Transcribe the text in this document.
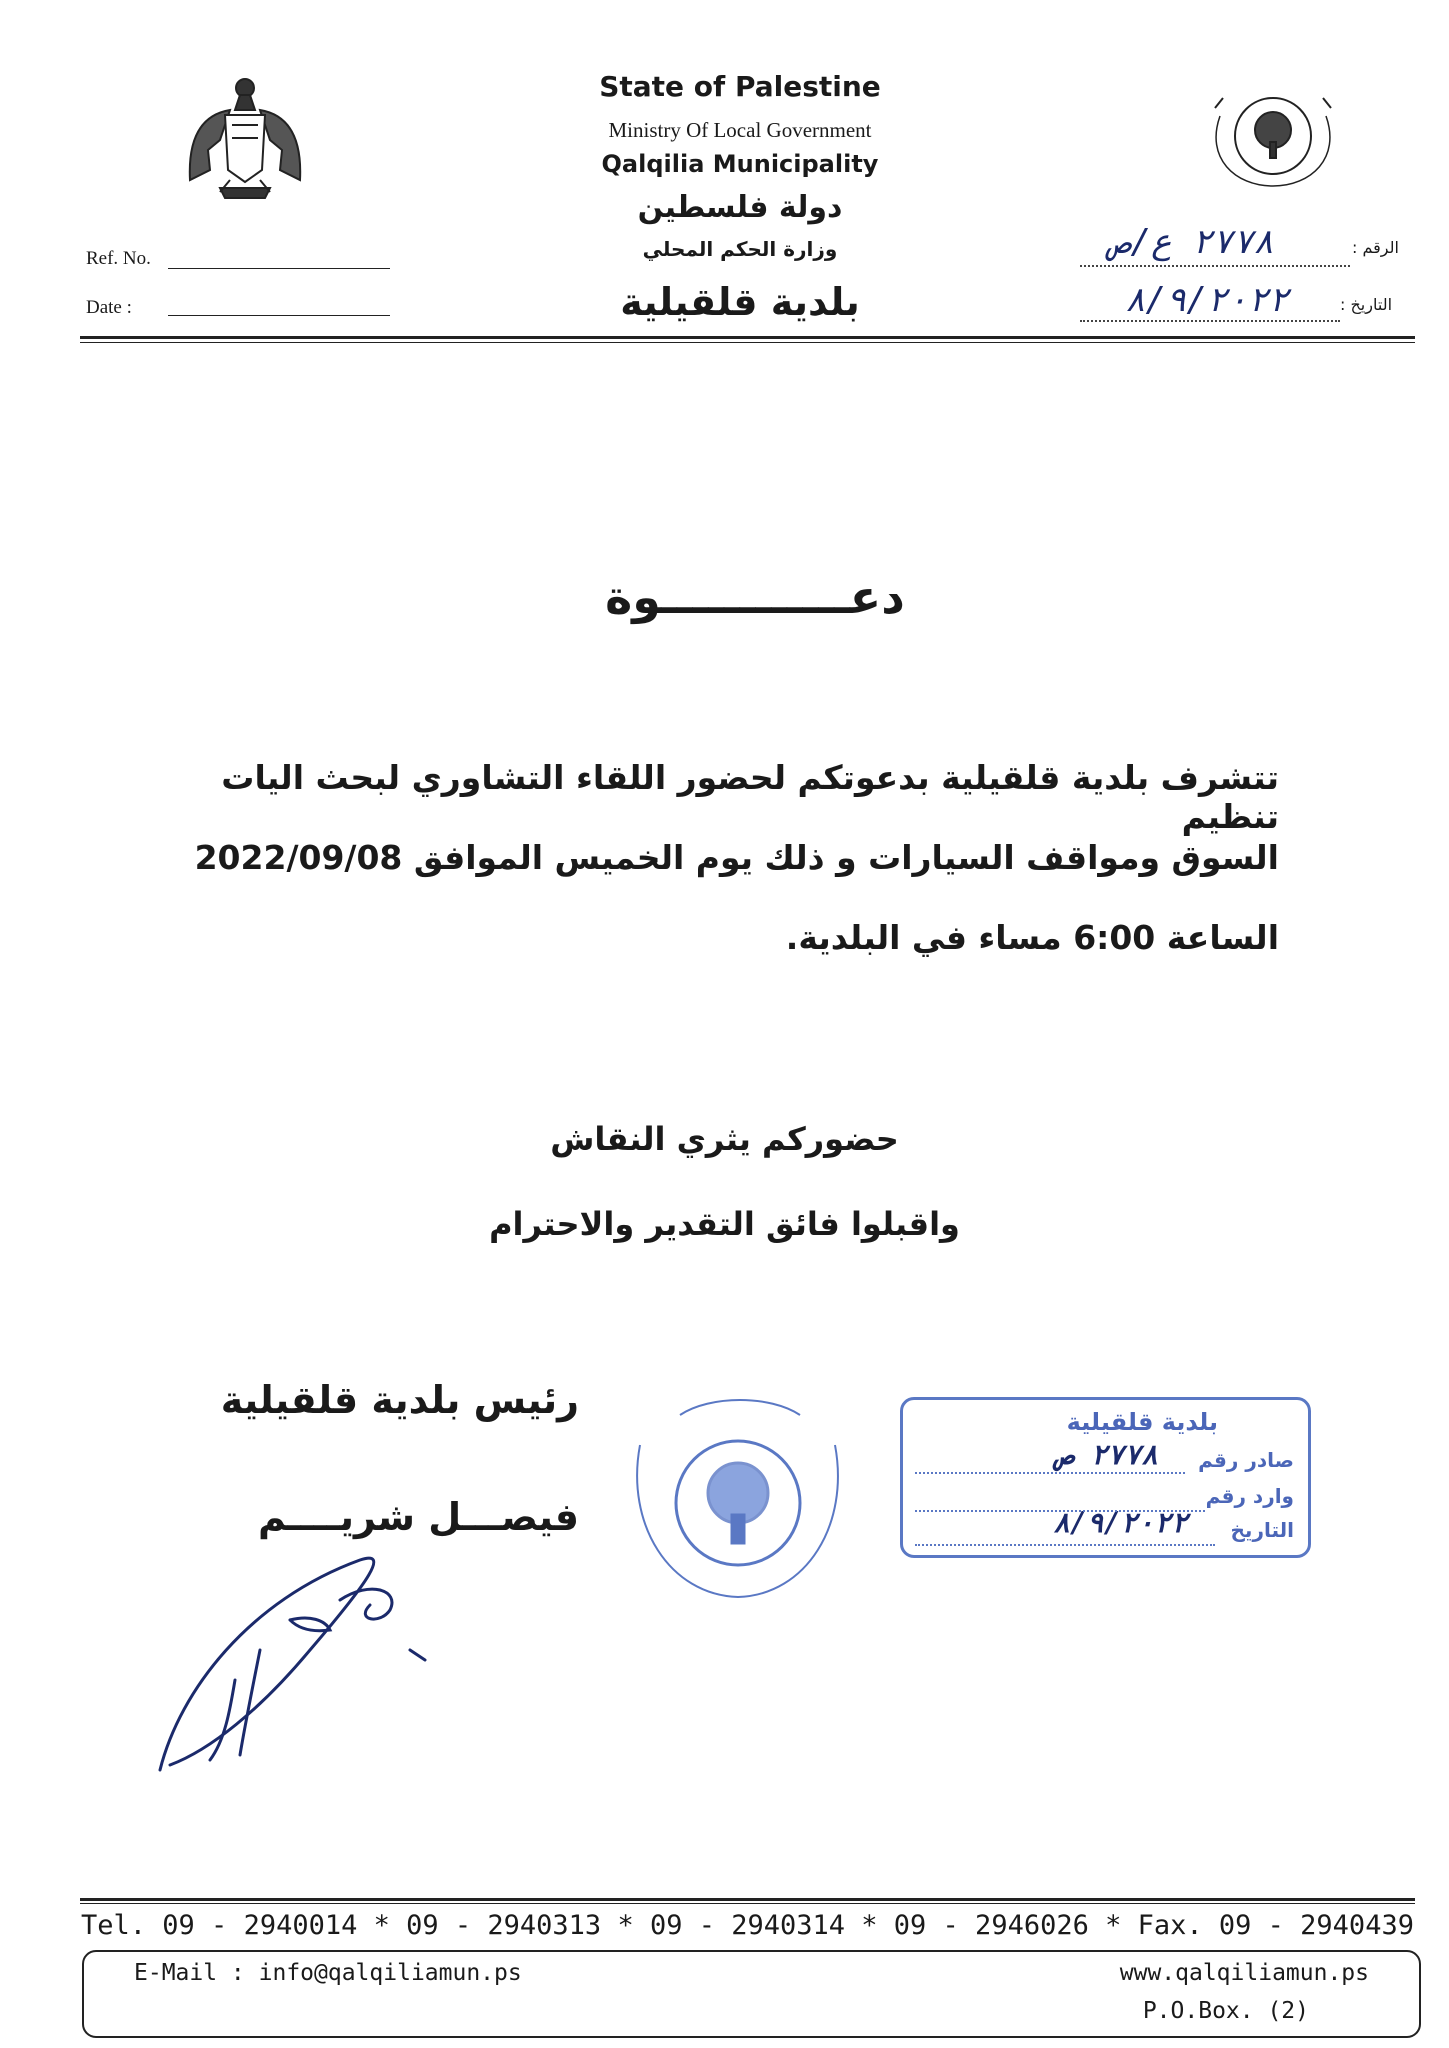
State of Palestine
Ministry Of Local Government
Qalqilia Municipality
دولة فلسطين
وزارة الحكم المحلي
بلدية قلقيلية
Ref. No.
Date :
الرقم :
٢٧٧٨ ع/ص
التاريخ :
٨/٩/٢٠٢٢
دعــــــــــــوة
تتشرف بلدية قلقيلية بدعوتكم لحضور اللقاء التشاوري لبحث اليات تنظيم
السوق ومواقف السيارات و ذلك يوم الخميس الموافق 2022/09/08
الساعة 6:00 مساء في البلدية.
حضوركم يثري النقاش
واقبلوا فائق التقدير والاحترام
رئيس بلدية قلقيلية
فيصـــل شريــــم
بلدية قلقيلية
صادر رقم
٢٧٧٨ ص
وارد رقم
التاريخ
٨/٩/٢٠٢٢
Tel. 09 - 2940014 * 09 - 2940313 * 09 - 2940314 * 09 - 2946026 * Fax. 09 - 2940439
E-Mail : info@qalqiliamun.ps	www.qalqiliamun.ps
P.O.Box. (2)
